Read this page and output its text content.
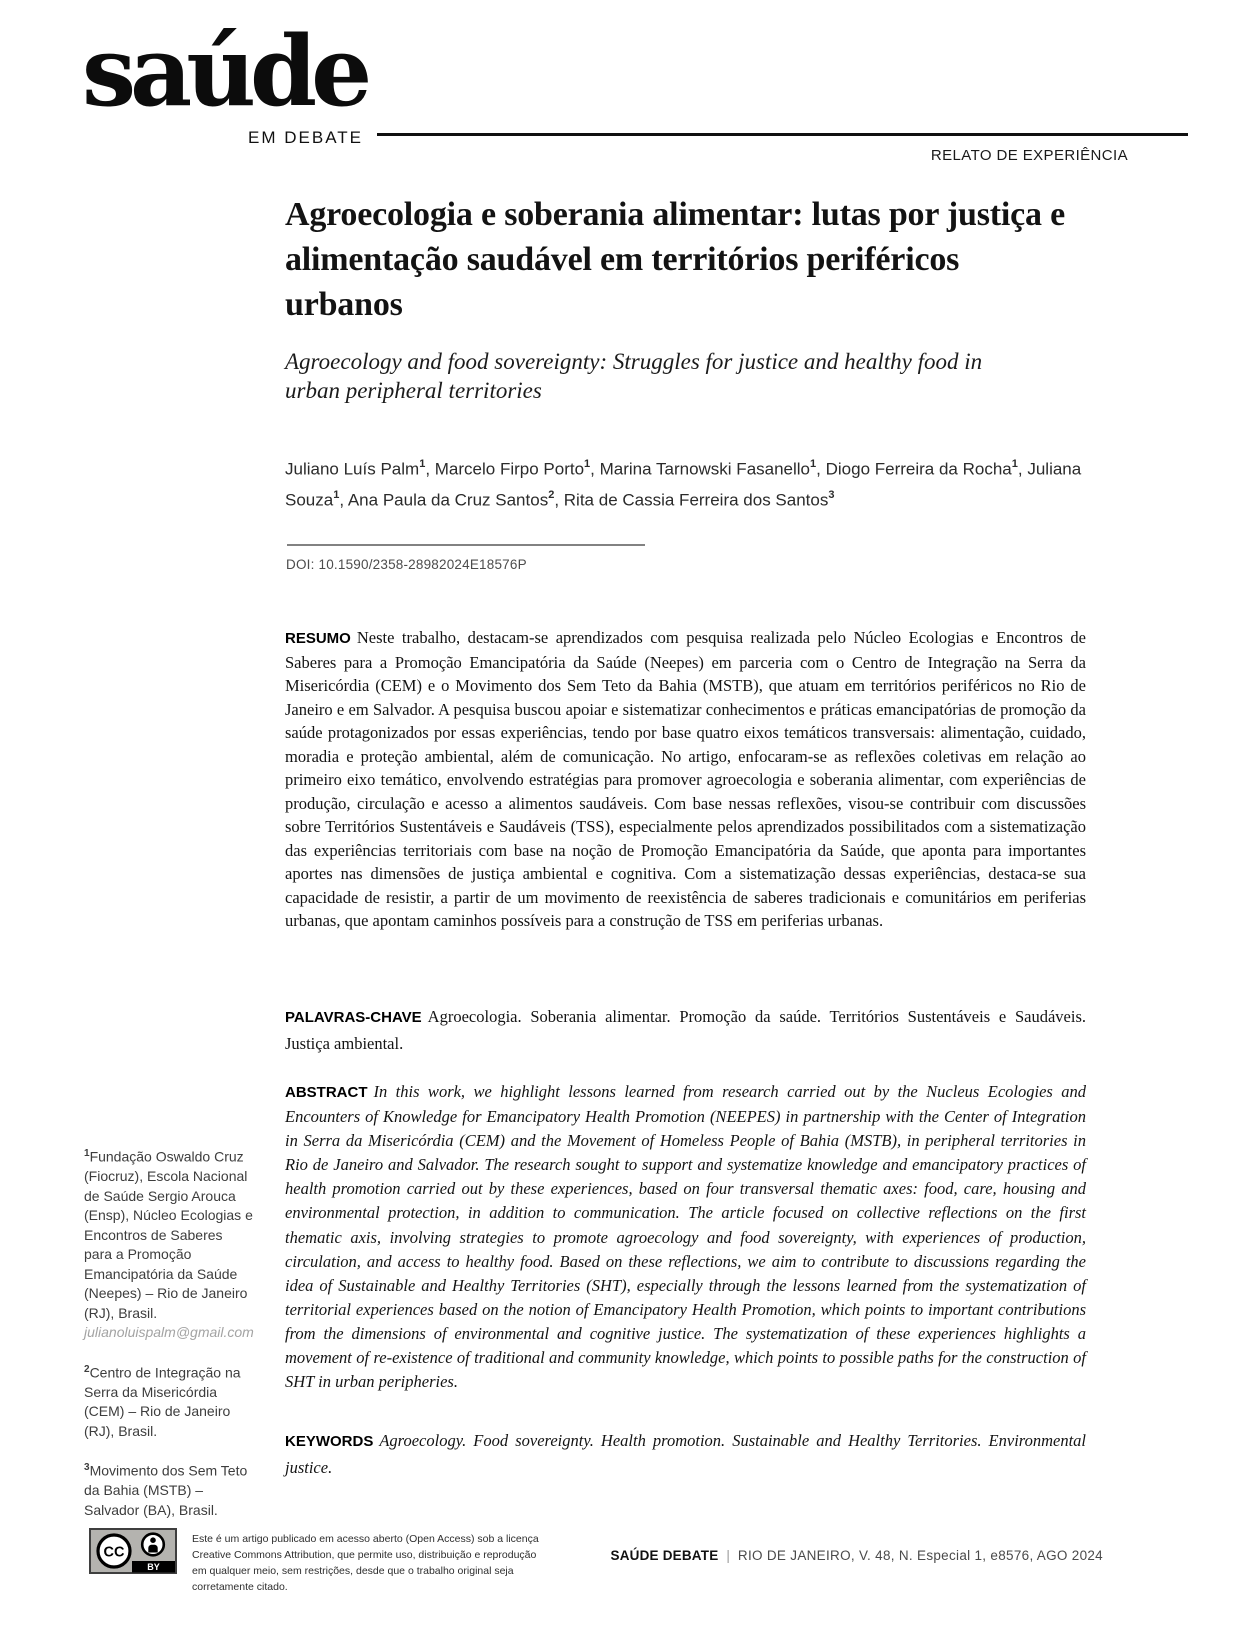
saúde
EM DEBATE
RELATO DE EXPERIÊNCIA
Agroecologia e soberania alimentar: lutas por justiça e alimentação saudável em territórios periféricos urbanos
Agroecology and food sovereignty: Struggles for justice and healthy food in urban peripheral territories
Juliano Luís Palm$^1$, Marcelo Firpo Porto$^1$, Marina Tarnowski Fasanello$^1$, Diogo Ferreira da Rocha$^1$, Juliana Souza$^1$, Ana Paula da Cruz Santos$^2$, Rita de Cassia Ferreira dos Santos$^3$
DOI: 10.1590/2358-28982024E18576P

RESUMO Neste trabalho, destacam-se aprendizados com pesquisa realizada pelo Núcleo Ecologias e Encontros de Saberes para a Promoção Emancipatória da Saúde (Neepes) em parceria com o Centro de Integração na Serra da Misericórdia (CEM) e o Movimento dos Sem Teto da Bahia (MSTB), que atuam em territórios periféricos no Rio de Janeiro e em Salvador. A pesquisa buscou apoiar e sistematizar conhecimentos e práticas emancipatórias de promoção da saúde protagonizados por essas experiências, tendo por base quatro eixos temáticos transversais: alimentação, cuidado, moradia e proteção ambiental, além de comunicação. No artigo, enfocaram-se as reflexões coletivas em relação ao primeiro eixo temático, envolvendo estratégias para promover agroecologia e soberania alimentar, com experiências de produção, circulação e acesso a alimentos saudáveis. Com base nessas reflexões, visou-se contribuir com discussões sobre Territórios Sustentáveis e Saudáveis (TSS), especialmente pelos aprendizados possibilitados com a sistematização das experiências territoriais com base na noção de Promoção Emancipatória da Saúde, que aponta para importantes aportes nas dimensões de justiça ambiental e cognitiva. Com a sistematização dessas experiências, destaca-se sua capacidade de resistir, a partir de um movimento de reexistência de saberes tradicionais e comunitários em periferias urbanas, que apontam caminhos possíveis para a construção de TSS em periferias urbanas.

PALAVRAS-CHAVE Agroecologia. Soberania alimentar. Promoção da saúde. Territórios Sustentáveis e Saudáveis. Justiça ambiental.

ABSTRACT In this work, we highlight lessons learned from research carried out by the Nucleus Ecologies and Encounters of Knowledge for Emancipatory Health Promotion (NEEPES) in partnership with the Center of Integration in Serra da Misericórdia (CEM) and the Movement of Homeless People of Bahia (MSTB), in peripheral territories in Rio de Janeiro and Salvador. The research sought to support and systematize knowledge and emancipatory practices of health promotion carried out by these experiences, based on four transversal thematic axes: food, care, housing and environmental protection, in addition to communication. The article focused on collective reflections on the first thematic axis, involving strategies to promote agroecology and food sovereignty, with experiences of production, circulation, and access to healthy food. Based on these reflections, we aim to contribute to discussions regarding the idea of Sustainable and Healthy Territories (SHT), especially through the lessons learned from the systematization of territorial experiences based on the notion of Emancipatory Health Promotion, which points to important contributions from the dimensions of environmental and cognitive justice. The systematization of these experiences highlights a movement of re-existence of traditional and community knowledge, which points to possible paths for the construction of SHT in urban peripheries.

KEYWORDS Agroecology. Food sovereignty. Health promotion. Sustainable and Healthy Territories. Environmental justice.

$^1$Fundação Oswaldo Cruz (Fiocruz), Escola Nacional de Saúde Sergio Arouca (Ensp), Núcleo Ecologias e Encontros de Saberes para a Promoção Emancipatória da Saúde (Neepes) – Rio de Janeiro (RJ), Brasil.
julianoluispalm@gmail.com
$^2$Centro de Integração na Serra da Misericórdia (CEM) – Rio de Janeiro (RJ), Brasil.
$^3$Movimento dos Sem Teto da Bahia (MSTB) – Salvador (BA), Brasil.
CC
BY
Este é um artigo publicado em acesso aberto (Open Access) sob a licença Creative Commons Attribution, que permite uso, distribuição e reprodução em qualquer meio, sem restrições, desde que o trabalho original seja corretamente citado.
SAÚDE DEBATE | RIO DE JANEIRO, V. 48, N. Especial 1, e8576, AGO 2024
